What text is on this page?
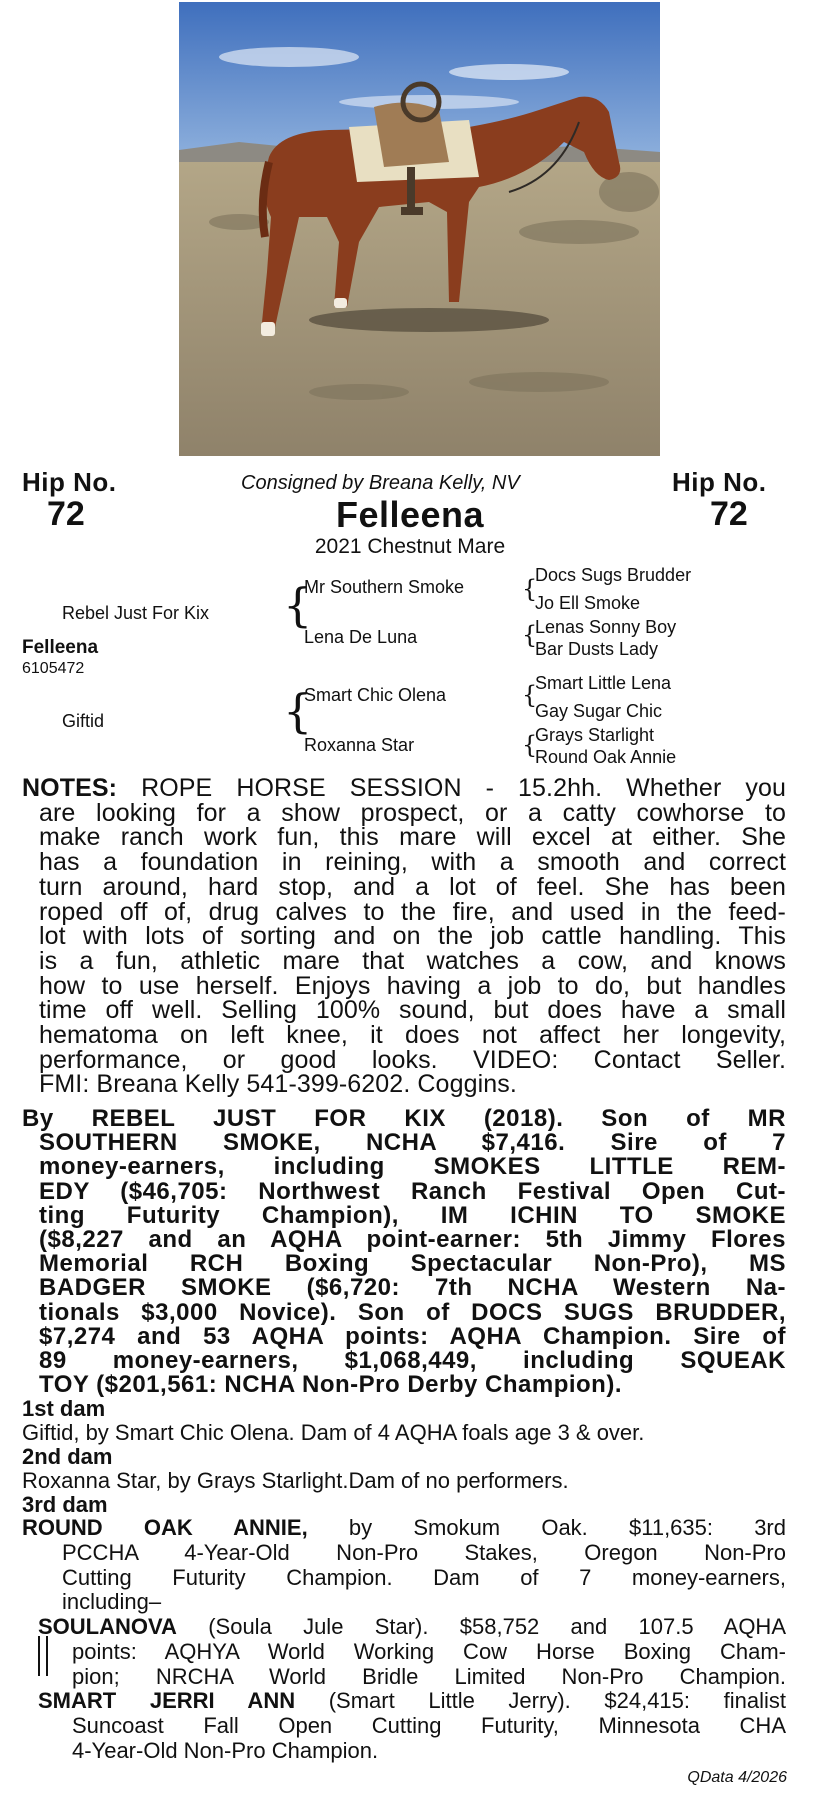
Hip No.
72
Consigned by Breana Kelly, NV
Felleena
2021 Chestnut Mare
Hip No.
72
Felleena
6105472
Rebel Just For Kix
Giftid
{
{
Mr Southern Smoke
Lena De Luna
Smart Chic Olena
Roxanna Star
{
{
{
{
Docs Sugs Brudder
Jo Ell Smoke
Lenas Sonny Boy
Bar Dusts Lady
Smart Little Lena
Gay Sugar Chic
Grays Starlight
Round Oak Annie
NOTES: ROPE HORSE SESSION - 15.2hh. Whether you
are looking for a show prospect, or a catty cowhorse to
make ranch work fun, this mare will excel at either. She
has a foundation in reining, with a smooth and correct
turn around, hard stop, and a lot of feel. She has been
roped off of, drug calves to the fire, and used in the feed-
lot with lots of sorting and on the job cattle handling. This
is a fun, athletic mare that watches a cow, and knows
how to use herself. Enjoys having a job to do, but handles
time off well. Selling 100% sound, but does have a small
hematoma on left knee, it does not affect her longevity,
performance, or good looks. VIDEO: Contact Seller.
FMI: Breana Kelly 541-399-6202. Coggins.
By REBEL JUST FOR KIX (2018). Son of MR
SOUTHERN SMOKE, NCHA $7,416. Sire of 7
money-earners, including SMOKES LITTLE REM-
EDY ($46,705: Northwest Ranch Festival Open Cut-
ting Futurity Champion), IM ICHIN TO SMOKE
($8,227 and an AQHA point-earner: 5th Jimmy Flores
Memorial RCH Boxing Spectacular Non-Pro), MS
BADGER SMOKE ($6,720: 7th NCHA Western Na-
tionals $3,000 Novice). Son of DOCS SUGS BRUDDER,
$7,274 and 53 AQHA points: AQHA Champion. Sire of
89 money-earners, $1,068,449, including SQUEAK
TOY ($201,561: NCHA Non-Pro Derby Champion).
1st dam
Giftid, by Smart Chic Olena. Dam of 4 AQHA foals age 3 & over.
2nd dam
Roxanna Star, by Grays Starlight.Dam of no performers.
3rd dam
ROUND OAK ANNIE, by Smokum Oak. $11,635: 3rd
PCCHA 4-Year-Old Non-Pro Stakes, Oregon Non-Pro
Cutting Futurity Champion. Dam of 7 money-earners,
including–
SOULANOVA (Soula Jule Star). $58,752 and 107.5 AQHA
points: AQHYA World Working Cow Horse Boxing Cham-
pion; NRCHA World Bridle Limited Non-Pro Champion.
SMART JERRI ANN (Smart Little Jerry). $24,415: finalist
Suncoast Fall Open Cutting Futurity, Minnesota CHA
4-Year-Old Non-Pro Champion.
QData 4/2026
